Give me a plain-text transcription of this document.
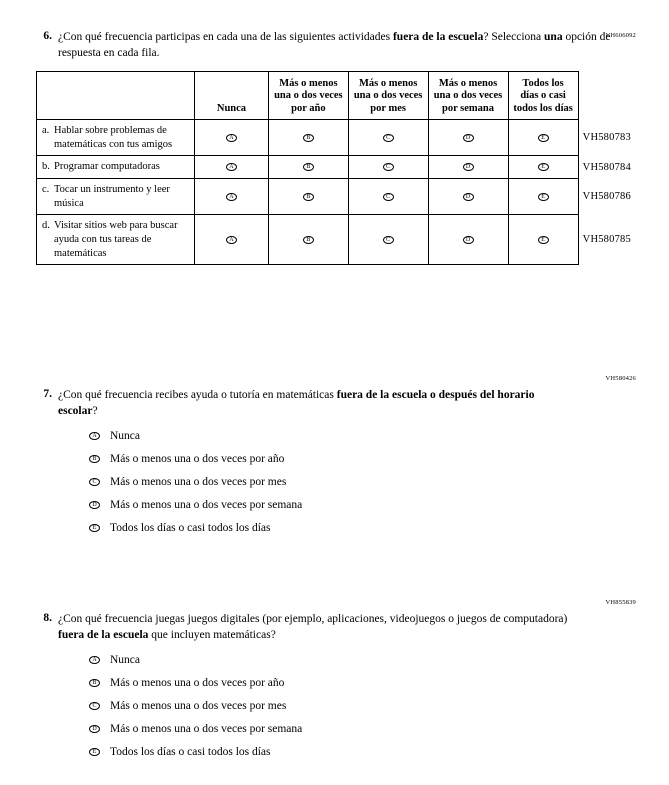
VH606092
6. ¿Con qué frecuencia participas en cada una de las siguientes actividades fuera de la escuela? Selecciona una opción de respuesta en cada fila.
	Nunca	Más o menos una o dos veces por año	Más o menos una o dos veces por mes	Más o menos una o dos veces por semana	Todos los días o casi todos los días	

a. Hablar sobre problemas de matemáticas con tus amigos	A	B	C	D	E	VH580783

b. Programar computadoras	A	B	C	D	E	VH580784

c. Tocar un instrumento y leer música	A	B	C	D	E	VH580786

d. Visitar sitios web para buscar ayuda con tus tareas de matemáticas	A	B	C	D	E	VH580785
VH580426
7. ¿Con qué frecuencia recibes ayuda o tutoría en matemáticas fuera de la escuela o después del horario escolar?
A Nunca
B Más o menos una o dos veces por año
C Más o menos una o dos veces por mes
D Más o menos una o dos veces por semana
E Todos los días o casi todos los días
VH855839
8. ¿Con qué frecuencia juegas juegos digitales (por ejemplo, aplicaciones, videojuegos o juegos de computadora) fuera de la escuela que incluyen matemáticas?
A Nunca
B Más o menos una o dos veces por año
C Más o menos una o dos veces por mes
D Más o menos una o dos veces por semana
E Todos los días o casi todos los días
